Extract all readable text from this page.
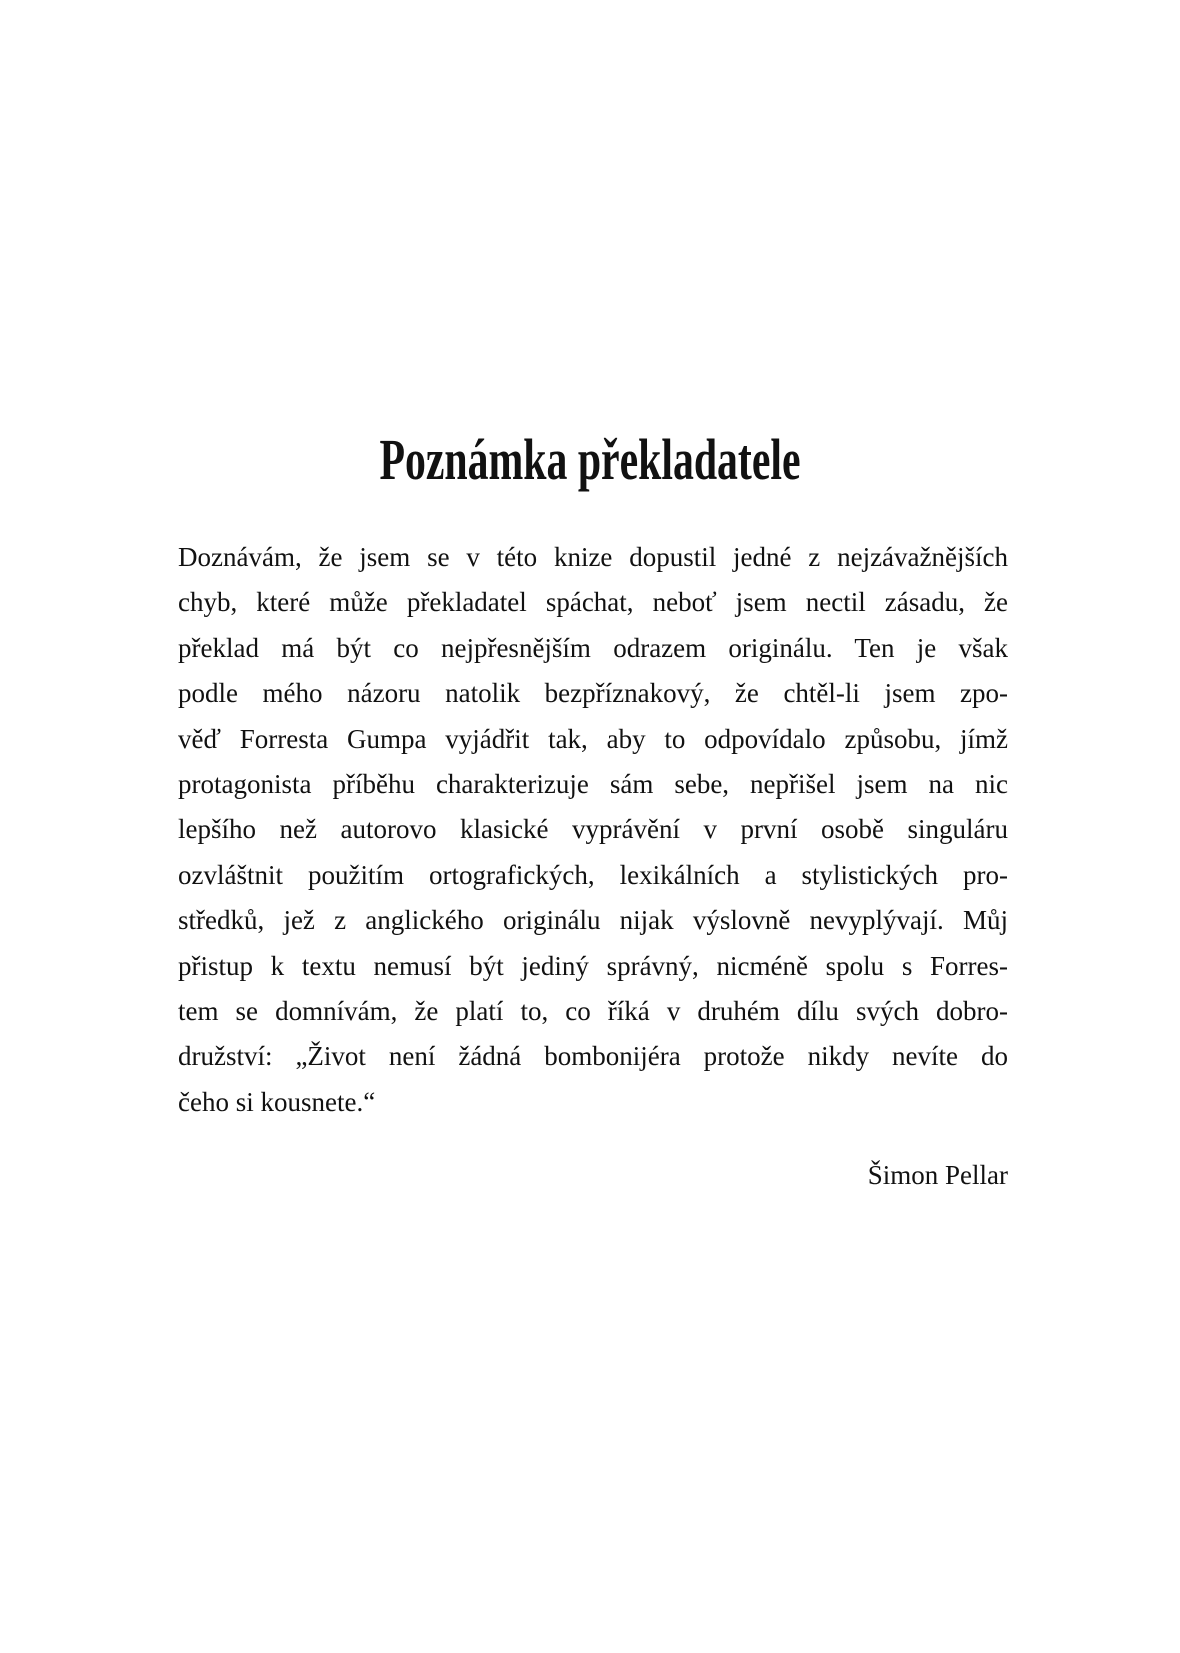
Poznámka překladatele
Doznávám, že jsem se v této knize dopustil jedné z nejzávažnějších
chyb, které může překladatel spáchat, neboť jsem nectil zásadu, že
překlad má být co nejpřesnějším odrazem originálu. Ten je však
podle mého názoru natolik bezpříznakový, že chtěl-li jsem zpo-
věď Forresta Gumpa vyjádřit tak, aby to odpovídalo způsobu, jímž
protagonista příběhu charakterizuje sám sebe, nepřišel jsem na nic
lepšího než autorovo klasické vyprávění v první osobě singuláru
ozvláštnit použitím ortografických, lexikálních a stylistických pro-
středků, jež z anglického originálu nijak výslovně nevyplývají. Můj
přistup k textu nemusí být jediný správný, nicméně spolu s Forres-
tem se domnívám, že platí to, co říká v druhém dílu svých dobro-
družství: „Život není žádná bombonijéra protože nikdy nevíte do
čeho si kousnete.“
Šimon Pellar
